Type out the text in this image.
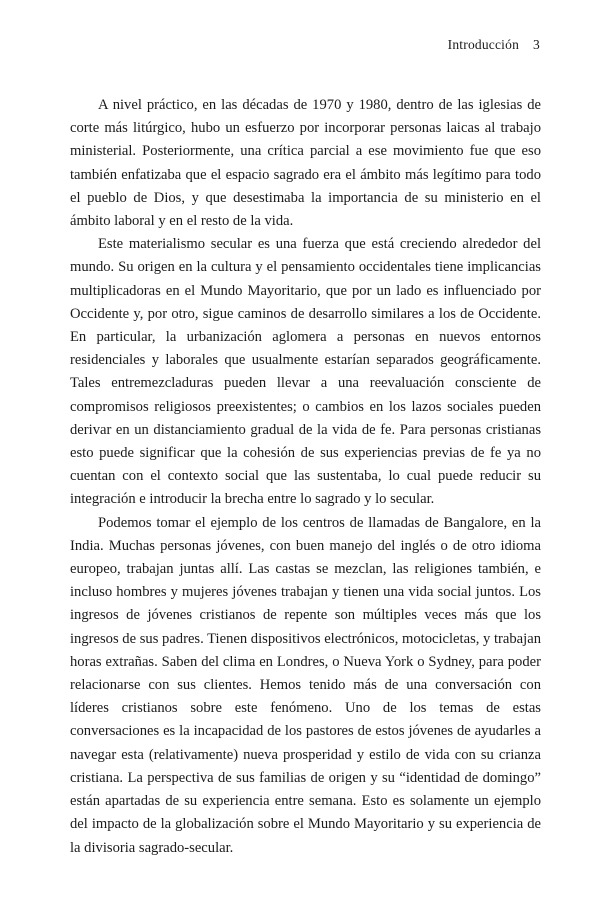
Introducción 3

A nivel práctico, en las décadas de 1970 y 1980, dentro de las iglesias de corte más litúrgico, hubo un esfuerzo por incorporar personas laicas al trabajo ministerial. Posteriormente, una crítica parcial a ese movimiento fue que eso también enfatizaba que el espacio sagrado era el ámbito más legítimo para todo el pueblo de Dios, y que desestimaba la importancia de su ministerio en el ámbito laboral y en el resto de la vida.

Este materialismo secular es una fuerza que está creciendo alrededor del mundo. Su origen en la cultura y el pensamiento occidentales tiene implicancias multiplicadoras en el Mundo Mayoritario, que por un lado es influenciado por Occidente y, por otro, sigue caminos de desarrollo similares a los de Occidente. En particular, la urbanización aglomera a personas en nuevos entornos residenciales y laborales que usualmente estarían separados geográficamente. Tales entremezcladuras pueden llevar a una reevaluación consciente de compromisos religiosos preexistentes; o cambios en los lazos sociales pueden derivar en un distanciamiento gradual de la vida de fe. Para personas cristianas esto puede significar que la cohesión de sus experiencias previas de fe ya no cuentan con el contexto social que las sustentaba, lo cual puede reducir su integración e introducir la brecha entre lo sagrado y lo secular.

Podemos tomar el ejemplo de los centros de llamadas de Bangalore, en la India. Muchas personas jóvenes, con buen manejo del inglés o de otro idioma europeo, trabajan juntas allí. Las castas se mezclan, las religiones también, e incluso hombres y mujeres jóvenes trabajan y tienen una vida social juntos. Los ingresos de jóvenes cristianos de repente son múltiples veces más que los ingresos de sus padres. Tienen dispositivos electrónicos, motocicletas, y trabajan horas extrañas. Saben del clima en Londres, o Nueva York o Sydney, para poder relacionarse con sus clientes. Hemos tenido más de una conversación con líderes cristianos sobre este fenómeno. Uno de los temas de estas conversaciones es la incapacidad de los pastores de estos jóvenes de ayudarles a navegar esta (relativamente) nueva prosperidad y estilo de vida con su crianza cristiana. La perspectiva de sus familias de origen y su “identidad de domingo” están apartadas de su experiencia entre semana. Esto es solamente un ejemplo del impacto de la globalización sobre el Mundo Mayoritario y su experiencia de la divisoria sagrado-secular.
